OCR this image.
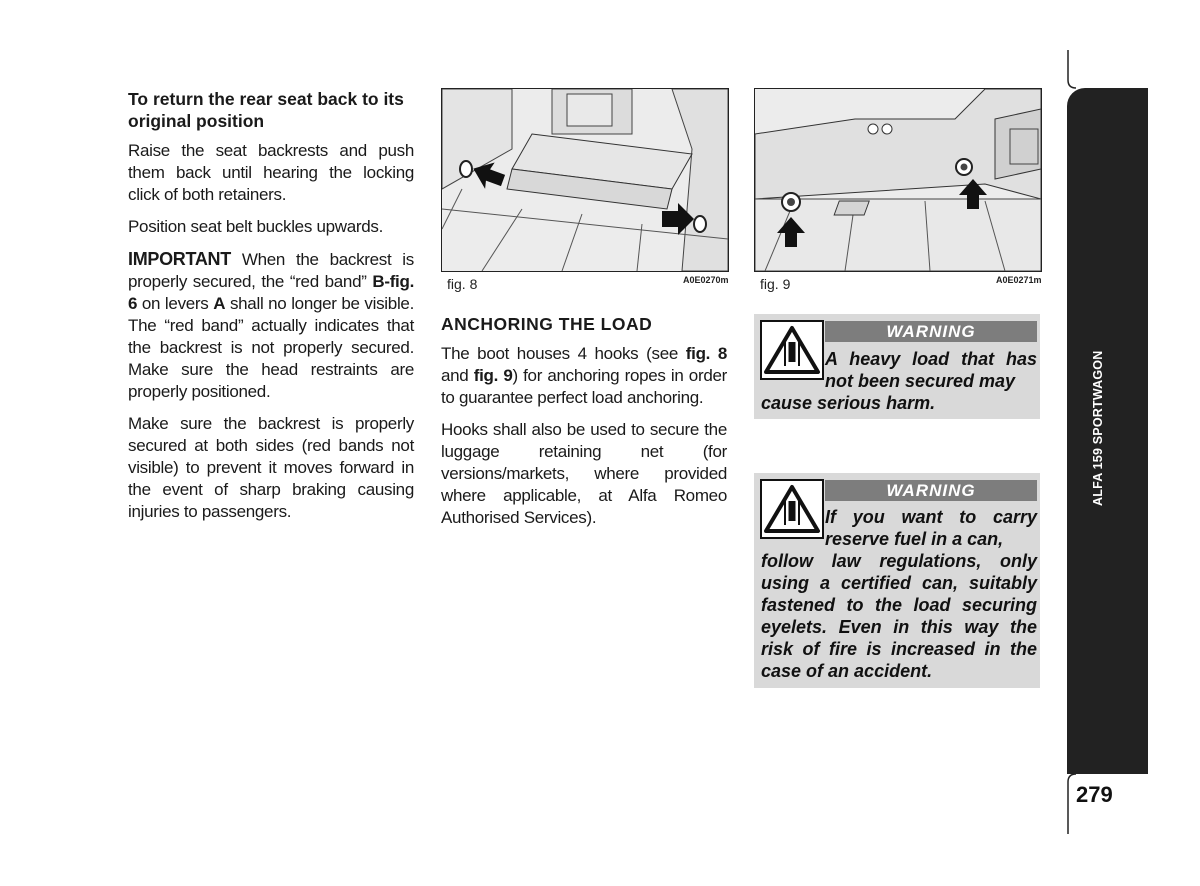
To return the rear seat back to its original position

Raise the seat backrests and push them back until hearing the locking click of both retainers.

Position seat belt buckles upwards.

IMPORTANT When the backrest is properly secured, the “red band” B-fig. 6 on levers A shall no longer be visible. The “red band” actually indicates that the backrest is not properly secured. Make sure the head restraints are properly positioned.

Make sure the backrest is properly secured at both sides (red bands not visible) to prevent it moves forward in the event of sharp braking causing injuries to passengers.

fig. 8	A0E0270m
ANCHORING THE LOAD

The boot houses 4 hooks (see fig. 8 and fig. 9) for anchoring ropes in order to guarantee perfect load anchoring.

Hooks shall also be used to secure the luggage retaining net (for versions/markets, where provided where applicable, at Alfa Romeo Authorised Services).

fig. 9	A0E0271m
WARNING
A heavy load that has not been secured may
cause serious harm.
WARNING
If you want to carry reserve fuel in a can,
follow law regulations, only using a certified can, suitably fastened to the load securing eyelets. Even in this way the risk of fire is increased in the case of an accident.
ALFA 159 SPORTWAGON
279
